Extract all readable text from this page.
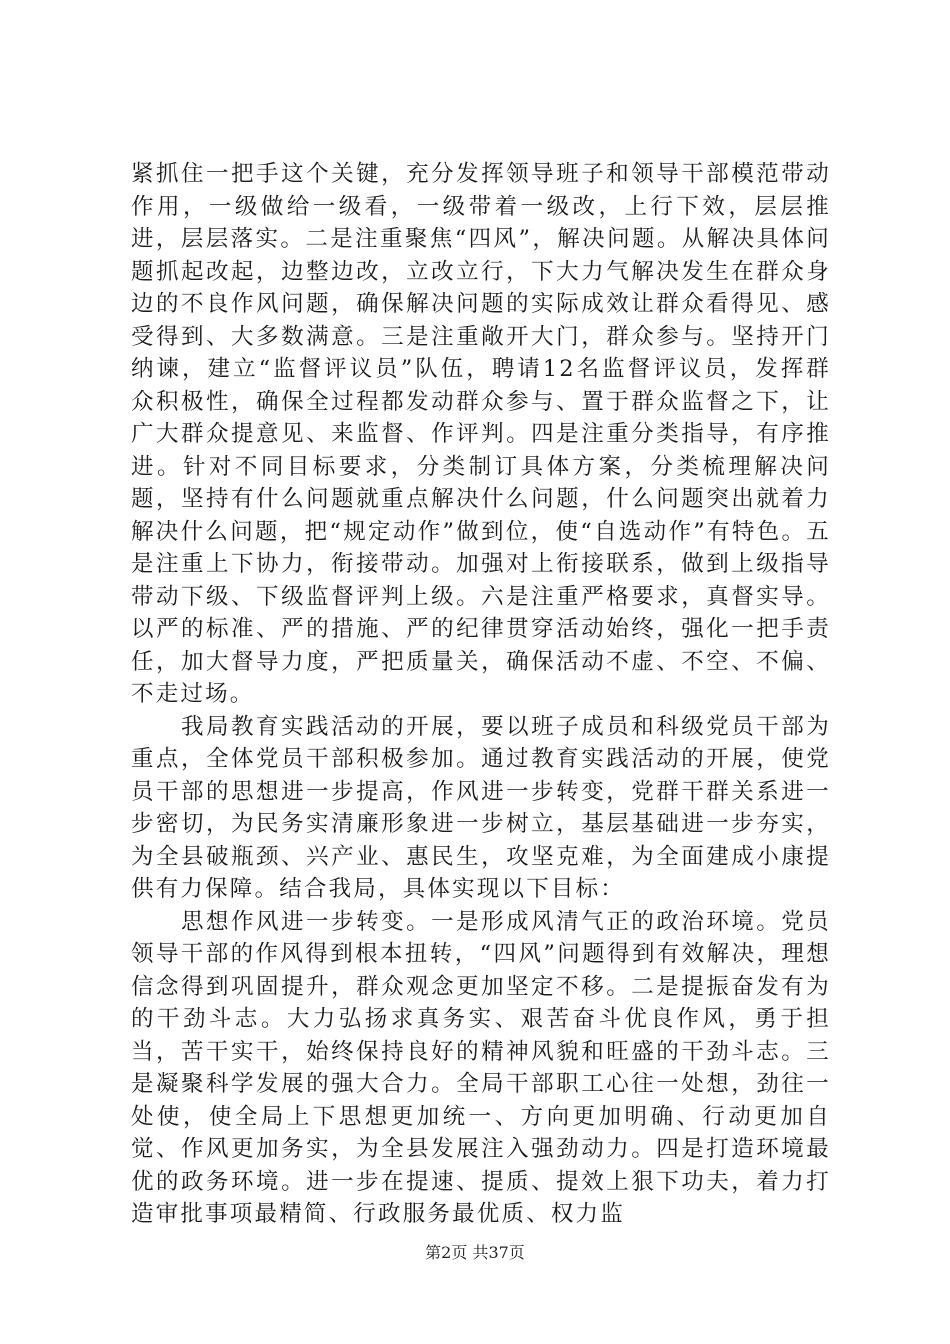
紧抓住一把手这个关键，充分发挥领导班子和领导干部模范带动作用，一级做给一级看，一级带着一级改，上行下效，层层推进，层层落实。二是注重聚焦“四风”，解决问题。从解决具体问题抓起改起，边整边改，立改立行，下大力气解决发生在群众身边的不良作风问题，确保解决问题的实际成效让群众看得见、感受得到、大多数满意。三是注重敞开大门，群众参与。坚持开门纳谏，建立“监督评议员”队伍，聘请12名监督评议员，发挥群众积极性，确保全过程都发动群众参与、置于群众监督之下，让广大群众提意见、来监督、作评判。四是注重分类指导，有序推进。针对不同目标要求，分类制订具体方案，分类梳理解决问题，坚持有什么问题就重点解决什么问题，什么问题突出就着力解决什么问题，把“规定动作”做到位，使“自选动作”有特色。五是注重上下协力，衔接带动。加强对上衔接联系，做到上级指导带动下级、下级监督评判上级。六是注重严格要求，真督实导。以严的标准、严的措施、严的纪律贯穿活动始终，强化一把手责任，加大督导力度，严把质量关，确保活动不虚、不空、不偏、不走过场。

我局教育实践活动的开展，要以班子成员和科级党员干部为重点，全体党员干部积极参加。通过教育实践活动的开展，使党员干部的思想进一步提高，作风进一步转变，党群干群关系进一步密切，为民务实清廉形象进一步树立，基层基础进一步夯实，为全县破瓶颈、兴产业、惠民生，攻坚克难，为全面建成小康提供有力保障。结合我局，具体实现以下目标：

思想作风进一步转变。一是形成风清气正的政治环境。党员领导干部的作风得到根本扭转，“四风”问题得到有效解决，理想信念得到巩固提升，群众观念更加坚定不移。二是提振奋发有为的干劲斗志。大力弘扬求真务实、艰苦奋斗优良作风，勇于担当，苦干实干，始终保持良好的精神风貌和旺盛的干劲斗志。三是凝聚科学发展的强大合力。全局干部职工心往一处想，劲往一处使，使全局上下思想更加统一、方向更加明确、行动更加自觉、作风更加务实，为全县发展注入强劲动力。四是打造环境最优的政务环境。进一步在提速、提质、提效上狠下功夫，着力打造审批事项最精简、行政服务最优质、权力监

第2页 共37页
